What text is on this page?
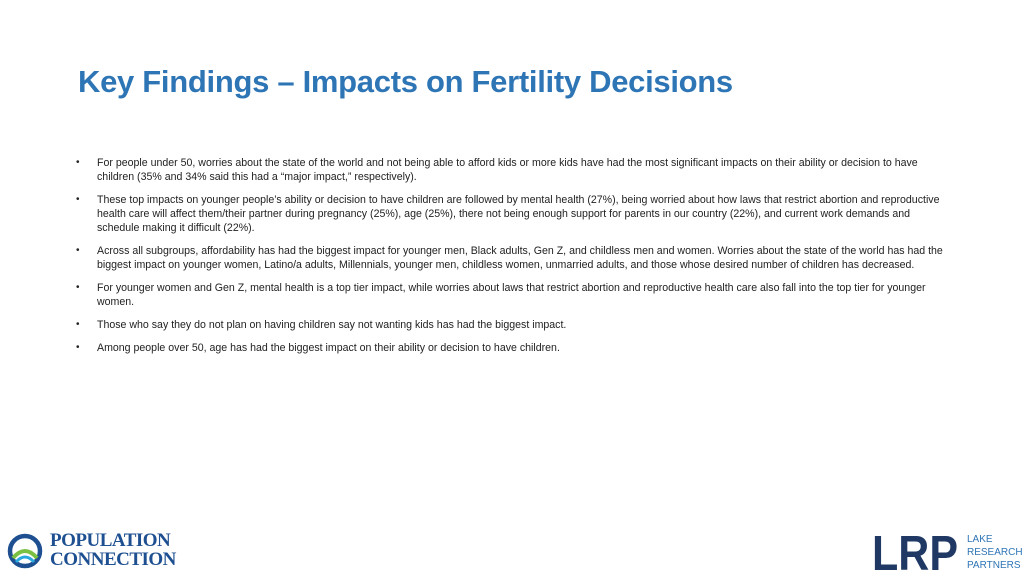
Key Findings – Impacts on Fertility Decisions
• For people under 50, worries about the state of the world and not being able to afford kids or more kids have had the most significant impacts on their ability or decision to have children (35% and 34% said this had a “major impact,” respectively).
• These top impacts on younger people’s ability or decision to have children are followed by mental health (27%), being worried about how laws that restrict abortion and reproductive health care will affect them/their partner during pregnancy (25%), age (25%), there not being enough support for parents in our country (22%), and current work demands and schedule making it difficult (22%).
• Across all subgroups, affordability has had the biggest impact for younger men, Black adults, Gen Z, and childless men and women. Worries about the state of the world has had the biggest impact on younger women, Latino/a adults, Millennials, younger men, childless women, unmarried adults, and those whose desired number of children has decreased.
• For younger women and Gen Z, mental health is a top tier impact, while worries about laws that restrict abortion and reproductive health care also fall into the top tier for younger women.
• Those who say they do not plan on having children say not wanting kids has had the biggest impact.
• Among people over 50, age has had the biggest impact on their ability or decision to have children.
POPULATION
CONNECTION	LRP LAKE
RESEARCH
PARTNERS
